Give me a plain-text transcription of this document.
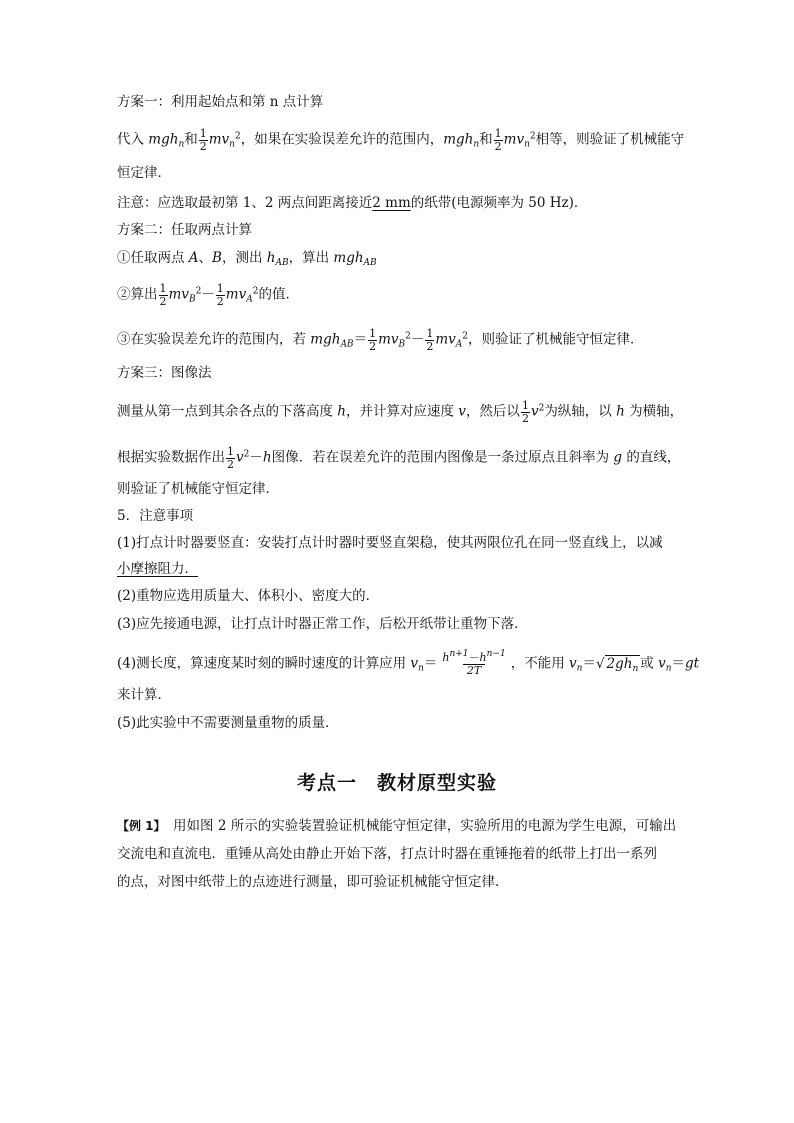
方案一：利用起始点和第 n 点计算
代入 mgh$_n$和 $\frac{1}{2} mv_n^2$，如果在实验误差允许的范围内，mgh$_n$和 $\frac{1}{2} mv_n^2$相等，则验证了机械能守
恒定律．
注意：应选取最初第 1、2 两点间距离接近2 mm的纸带(电源频率为 50 Hz)．
方案二：任取两点计算
①任取两点 A、B，测出 $h_{AB}$，算出 mgh$_{AB}$
②算出 $\frac{1}{2} mv_B^2- \frac{1}{2} mv_A^2$的值．
③在实验误差允许的范围内，若 $mgh_{AB}= \frac{1}{2} mv_B^2- \frac{1}{2} mv_A^2$，则验证了机械能守恒定律．
方案三：图像法
测量从第一点到其余各点的下落高度 h，并计算对应速度 v，然后以 $\frac{1}{2} v^2$为纵轴，以 h 为横轴，
根据实验数据作出 $\frac{1}{2} v^2-h$图像．若在误差允许的范围内图像是一条过原点且斜率为 g 的直线，
则验证了机械能守恒定律．
5．注意事项
(1)打点计时器要竖直：安装打点计时器时要竖直架稳，使其两限位孔在同一竖直线上，以减
小摩擦阻力．
(2)重物应选用质量大、体积小、密度大的．
(3)应先接通电源，让打点计时器正常工作，后松开纸带让重物下落．
(4)测长度，算速度某时刻的瞬时速度的计算应用 $v_n= \frac{h^{n+1}-h^{n-1}}{2T}$ ，不能用 $v_n=√$ $2gh_n$ 或 $v_n=gt$
来计算．
(5)此实验中不需要测量重物的质量．
考点一　教材原型实验
【例 1】　用如图 2 所示的实验装置验证机械能守恒定律，实验所用的电源为学生电源，可输出
交流电和直流电．重锤从高处由静止开始下落，打点计时器在重锤拖着的纸带上打出一系列
的点，对图中纸带上的点迹进行测量，即可验证机械能守恒定律．
